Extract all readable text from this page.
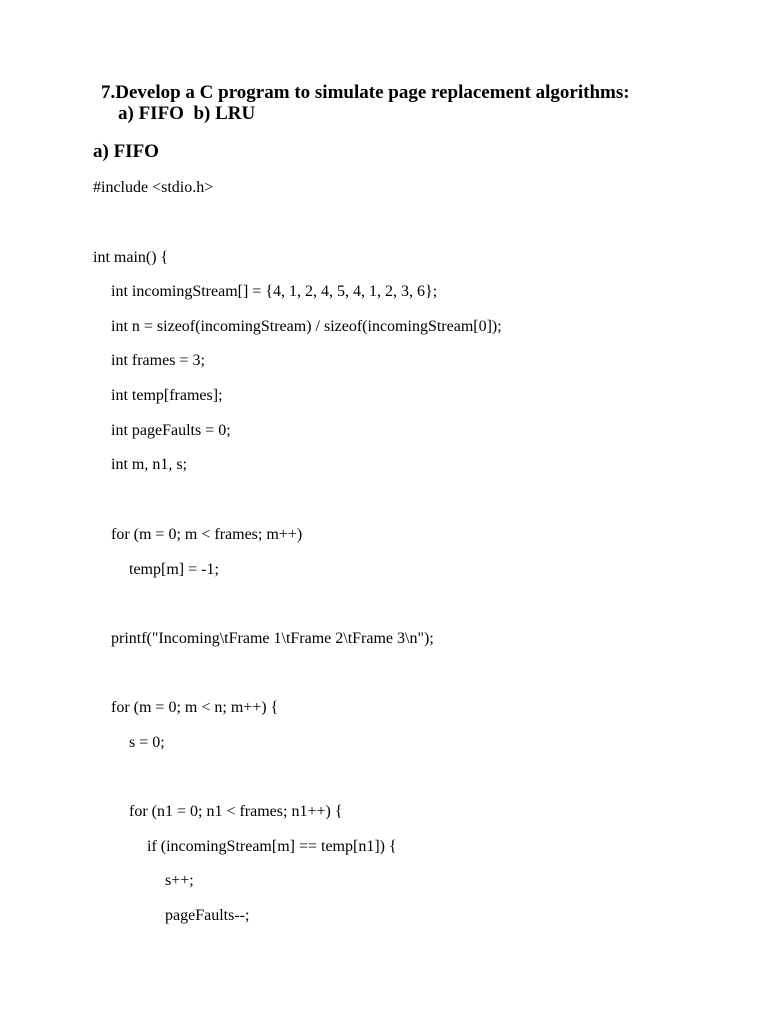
7.Develop a C program to simulate page replacement algorithms:
a) FIFO  b) LRU
a) FIFO
#include <stdio.h>
int main() {
int incomingStream[] = {4, 1, 2, 4, 5, 4, 1, 2, 3, 6};
int n = sizeof(incomingStream) / sizeof(incomingStream[0]);
int frames = 3;
int temp[frames];
int pageFaults = 0;
int m, n1, s;
for (m = 0; m < frames; m++)
temp[m] = -1;
printf("Incoming\tFrame 1\tFrame 2\tFrame 3\n");
for (m = 0; m < n; m++) {
s = 0;
for (n1 = 0; n1 < frames; n1++) {
if (incomingStream[m] == temp[n1]) {
s++;
pageFaults--;
